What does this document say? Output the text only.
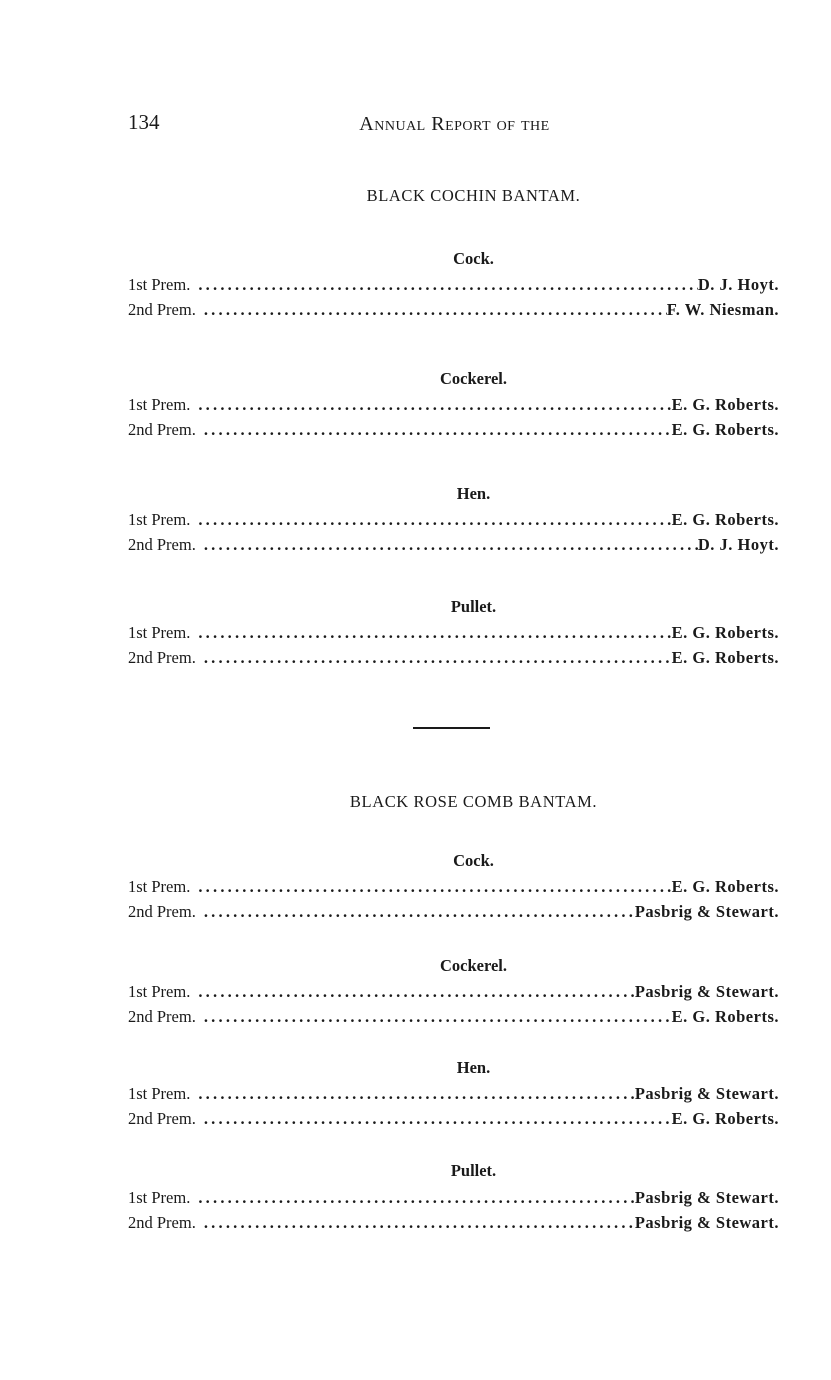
134	Annual Report of the
BLACK COCHIN BANTAM.
Cock.
1st Prem. .....	D. J. Hoyt.
2nd Prem. .....	F. W. Niesman.
Cockerel.
1st Prem. .....	E. G. Roberts.
2nd Prem. .....	E. G. Roberts.
Hen.
1st Prem. .....	E. G. Roberts.
2nd Prem. .....	D. J. Hoyt.
Pullet.
1st Prem. .....	E. G. Roberts.
2nd Prem. .....	E. G. Roberts.
BLACK ROSE COMB BANTAM.
Cock.
1st Prem. .....	E. G. Roberts.
2nd Prem. .....	Pasbrig & Stewart.
Cockerel.
1st Prem. .....	Pasbrig & Stewart.
2nd Prem. .....	E. G. Roberts.
Hen.
1st Prem. .....	Pasbrig & Stewart.
2nd Prem. .....	E. G. Roberts.
Pullet.
1st Prem. .....	Pasbrig & Stewart.
2nd Prem. .....	Pasbrig & Stewart.
